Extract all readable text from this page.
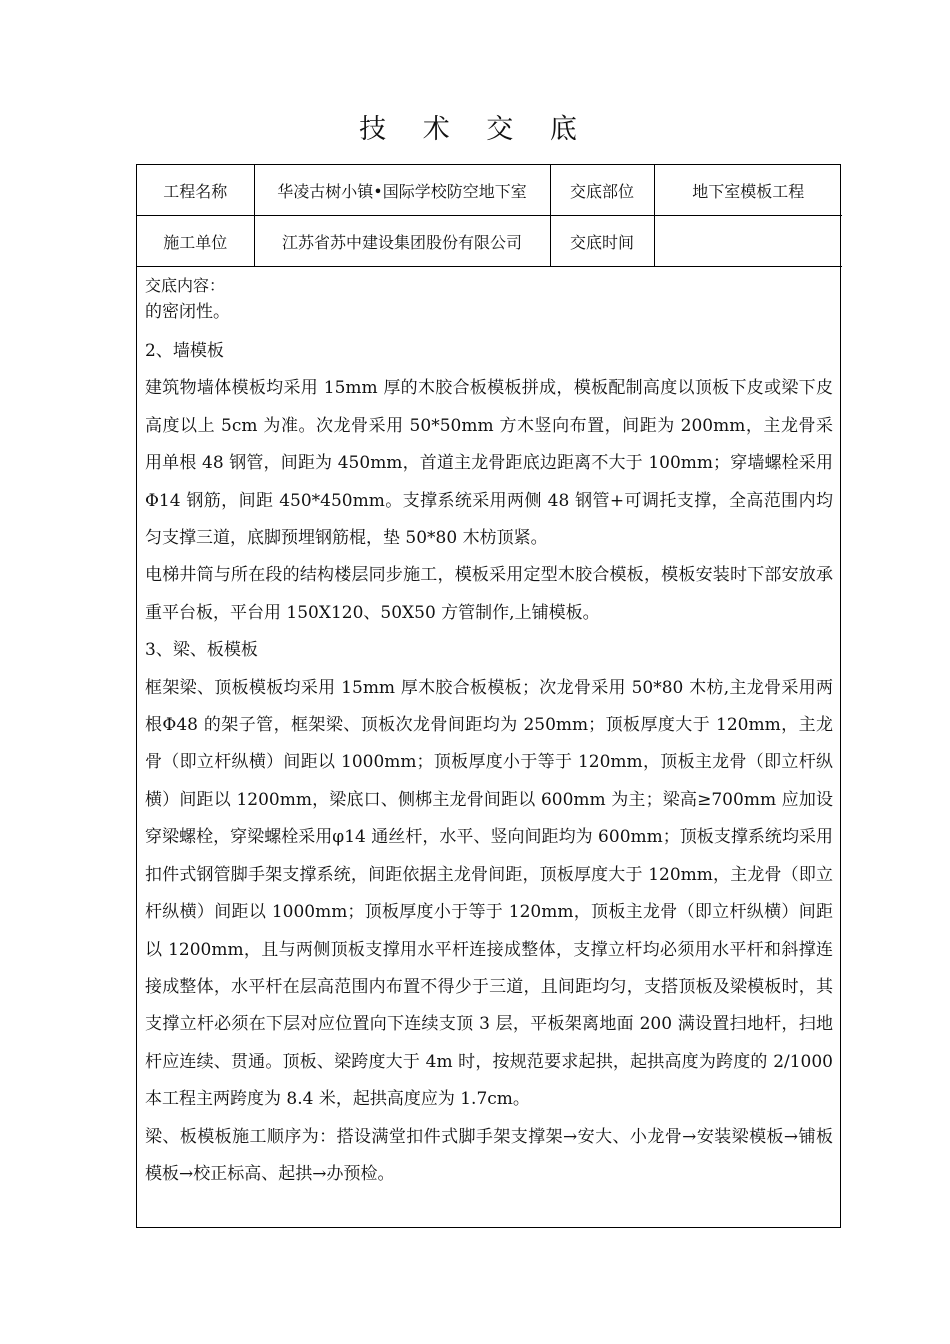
技 术 交 底
工程名称	华凌古树小镇•国际学校防空地下室	交底部位	地下室模板工程
施工单位	江苏省苏中建设集团股份有限公司	交底时间	

交底内容：

的密闭性。

2、墙模板

建筑物墙体模板均采用 15mm 厚的木胶合板模板拼成，模板配制高度以顶板下皮或梁下皮高度以上 5cm 为准。次龙骨采用 50*50mm 方木竖向布置，间距为 200mm，主龙骨采用单根 48 钢管，间距为 450mm，首道主龙骨距底边距离不大于 100mm；穿墙螺栓采用Φ14 钢筋，间距 450*450mm。支撑系统采用两侧 48 钢管+可调托支撑，全高范围内均匀支撑三道，底脚预埋钢筋棍，垫 50*80 木枋顶紧。

电梯井筒与所在段的结构楼层同步施工，模板采用定型木胶合模板，模板安装时下部安放承重平台板，平台用 150X120、50X50 方管制作,上铺模板。

3、梁、板模板

框架梁、顶板模板均采用 15mm 厚木胶合板模板；次龙骨采用 50*80 木枋,主龙骨采用两根Φ48 的架子管，框架梁、顶板次龙骨间距均为 250mm；顶板厚度大于 120mm，主龙骨（即立杆纵横）间距以 1000mm；顶板厚度小于等于 120mm，顶板主龙骨（即立杆纵横）间距以 1200mm，梁底口、侧梆主龙骨间距以 600mm 为主；梁高≥700mm 应加设穿梁螺栓，穿梁螺栓采用φ14 通丝杆，水平、竖向间距均为 600mm；顶板支撑系统均采用扣件式钢管脚手架支撑系统，间距依据主龙骨间距，顶板厚度大于 120mm，主龙骨（即立杆纵横）间距以 1000mm；顶板厚度小于等于 120mm，顶板主龙骨（即立杆纵横）间距以 1200mm，且与两侧顶板支撑用水平杆连接成整体，支撑立杆均必须用水平杆和斜撑连接成整体，水平杆在层高范围内布置不得少于三道，且间距均匀，支搭顶板及梁模板时，其支撑立杆必须在下层对应位置向下连续支顶 3 层，平板架离地面 200 满设置扫地杆，扫地杆应连续、贯通。顶板、梁跨度大于 4m 时，按规范要求起拱，起拱高度为跨度的 2/1000 本工程主两跨度为 8.4 米，起拱高度应为 1.7cm。

梁、板模板施工顺序为：搭设满堂扣件式脚手架支撑架→安大、小龙骨→安装梁模板→铺板模板→校正标高、起拱→办预检。
